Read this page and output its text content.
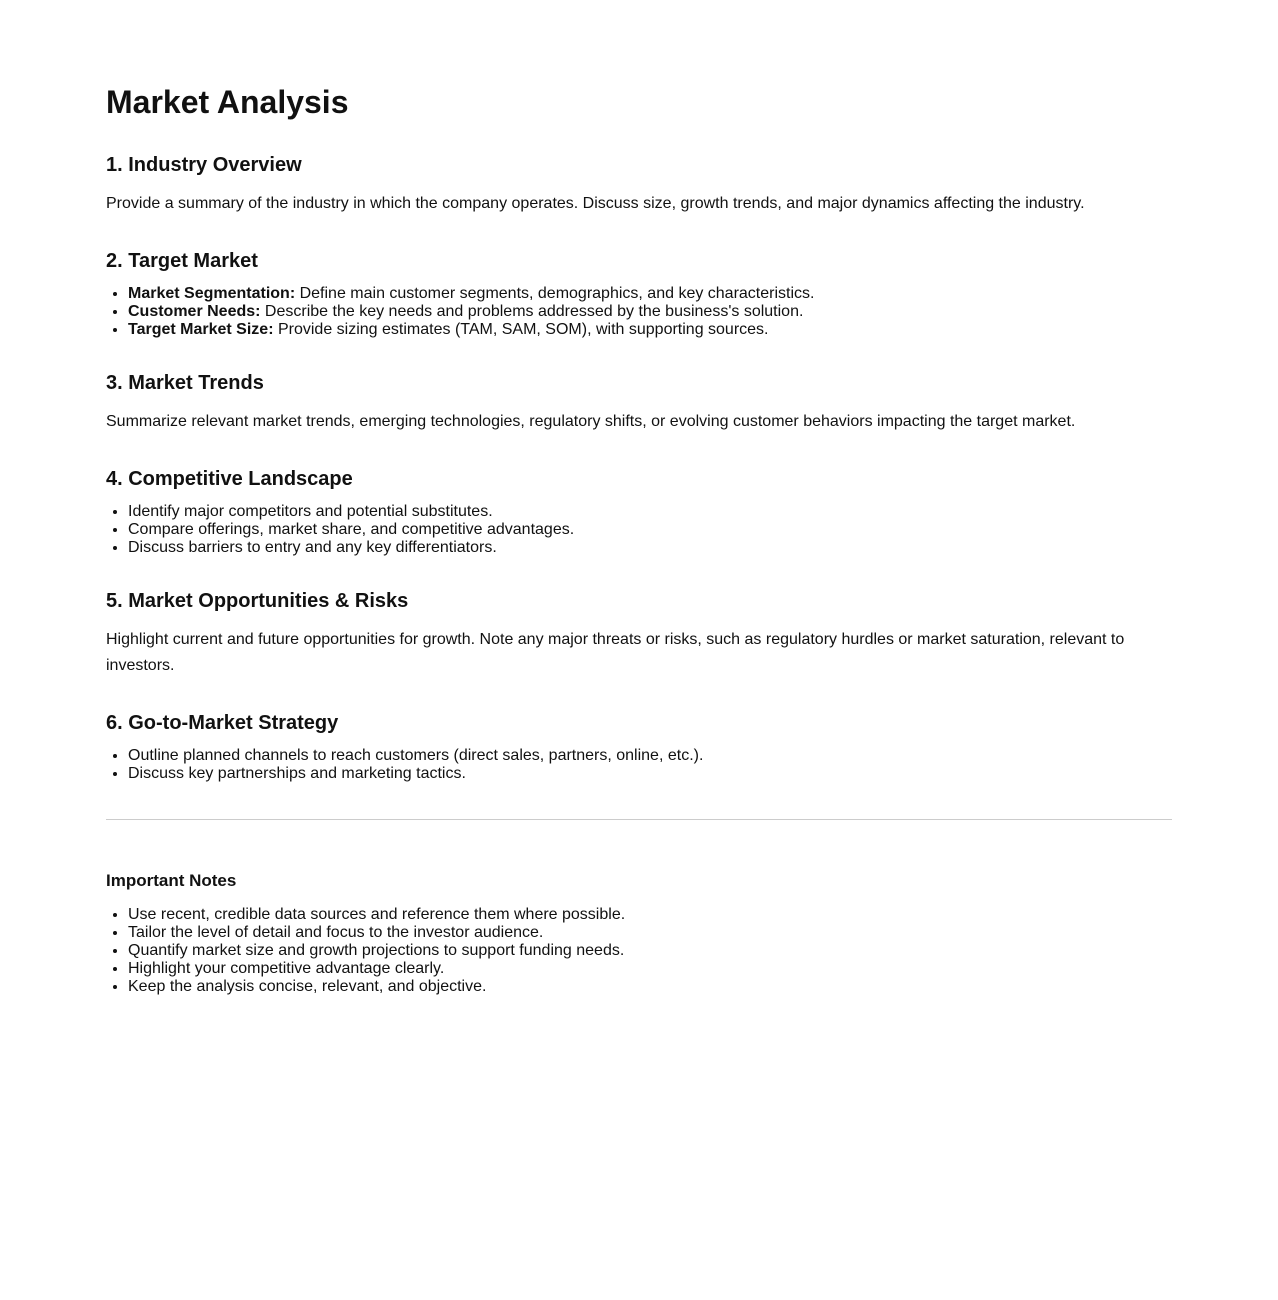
Market Analysis
1. Industry Overview

Provide a summary of the industry in which the company operates. Discuss size, growth trends, and major dynamics affecting the industry.

2. Target Market
• Market Segmentation: Define main customer segments, demographics, and key characteristics.
• Customer Needs: Describe the key needs and problems addressed by the business's solution.
• Target Market Size: Provide sizing estimates (TAM, SAM, SOM), with supporting sources.
3. Market Trends

Summarize relevant market trends, emerging technologies, regulatory shifts, or evolving customer behaviors impacting the target market.

4. Competitive Landscape
• Identify major competitors and potential substitutes.
• Compare offerings, market share, and competitive advantages.
• Discuss barriers to entry and any key differentiators.
5. Market Opportunities & Risks

Highlight current and future opportunities for growth. Note any major threats or risks, such as regulatory hurdles or market saturation, relevant to investors.

6. Go-to-Market Strategy
• Outline planned channels to reach customers (direct sales, partners, online, etc.).
• Discuss key partnerships and marketing tactics.
Important Notes
• Use recent, credible data sources and reference them where possible.
• Tailor the level of detail and focus to the investor audience.
• Quantify market size and growth projections to support funding needs.
• Highlight your competitive advantage clearly.
• Keep the analysis concise, relevant, and objective.
